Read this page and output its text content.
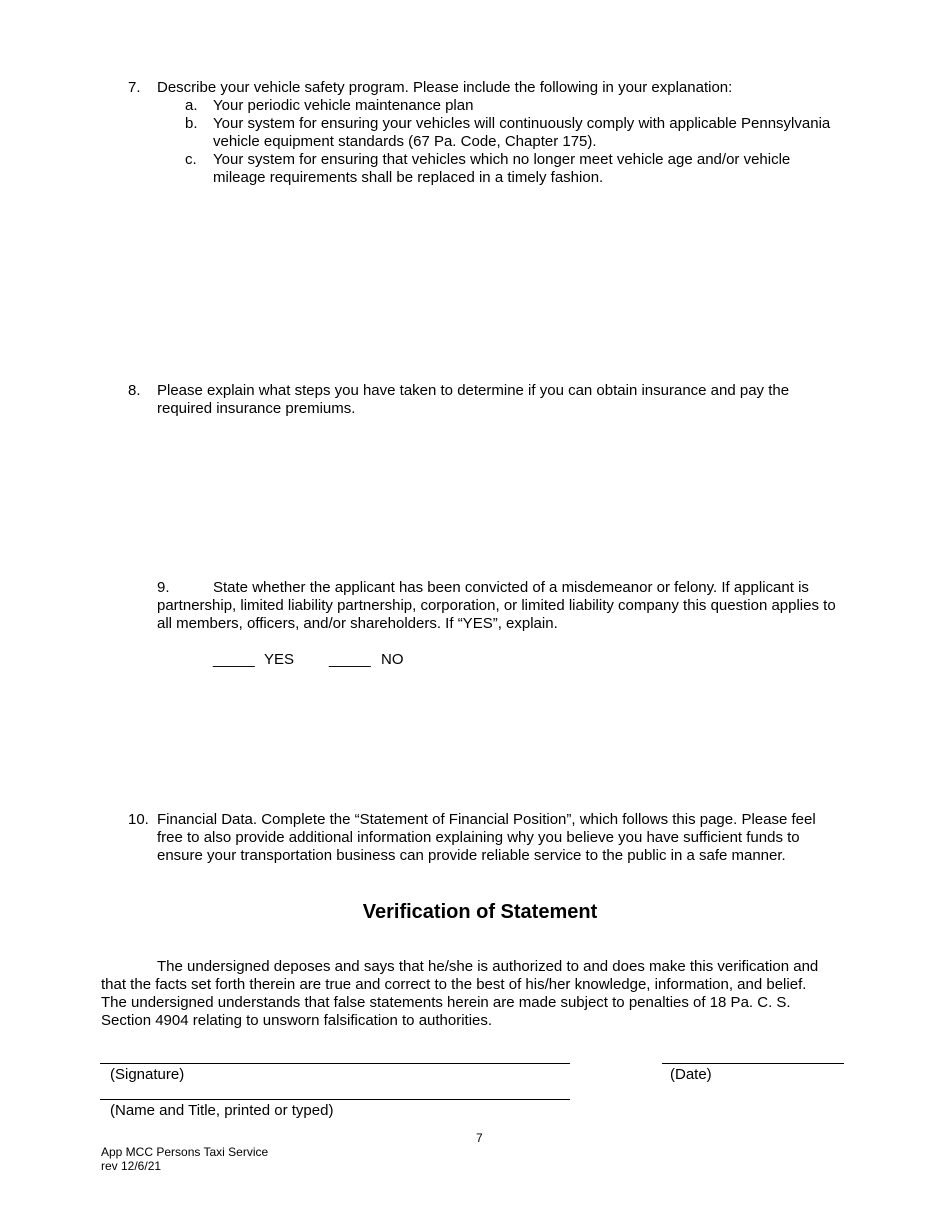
7. Describe your vehicle safety program. Please include the following in your explanation:
a. Your periodic vehicle maintenance plan
b. Your system for ensuring your vehicles will continuously comply with applicable Pennsylvania
vehicle equipment standards (67 Pa. Code, Chapter 175).
c. Your system for ensuring that vehicles which no longer meet vehicle age and/or vehicle
mileage requirements shall be replaced in a timely fashion.
8. Please explain what steps you have taken to determine if you can obtain insurance and pay the
required insurance premiums.
9.	State whether the applicant has been convicted of a misdemeanor or felony. If applicant is
partnership, limited liability partnership, corporation, or limited liability company this question applies to
all members, officers, and/or shareholders. If “YES”, explain.
_____ YES _____ NO
10. Financial Data. Complete the “Statement of Financial Position”, which follows this page. Please feel
free to also provide additional information explaining why you believe you have sufficient funds to
ensure your transportation business can provide reliable service to the public in a safe manner.
Verification of Statement
The undersigned deposes and says that he/she is authorized to and does make this verification and
that the facts set forth therein are true and correct to the best of his/her knowledge, information, and belief.
The undersigned understands that false statements herein are made subject to penalties of 18 Pa. C. S.
Section 4904 relating to unsworn falsification to authorities.
(Signature)	(Date)
(Name and Title, printed or typed)
7
App MCC Persons Taxi Service
rev 12/6/21
